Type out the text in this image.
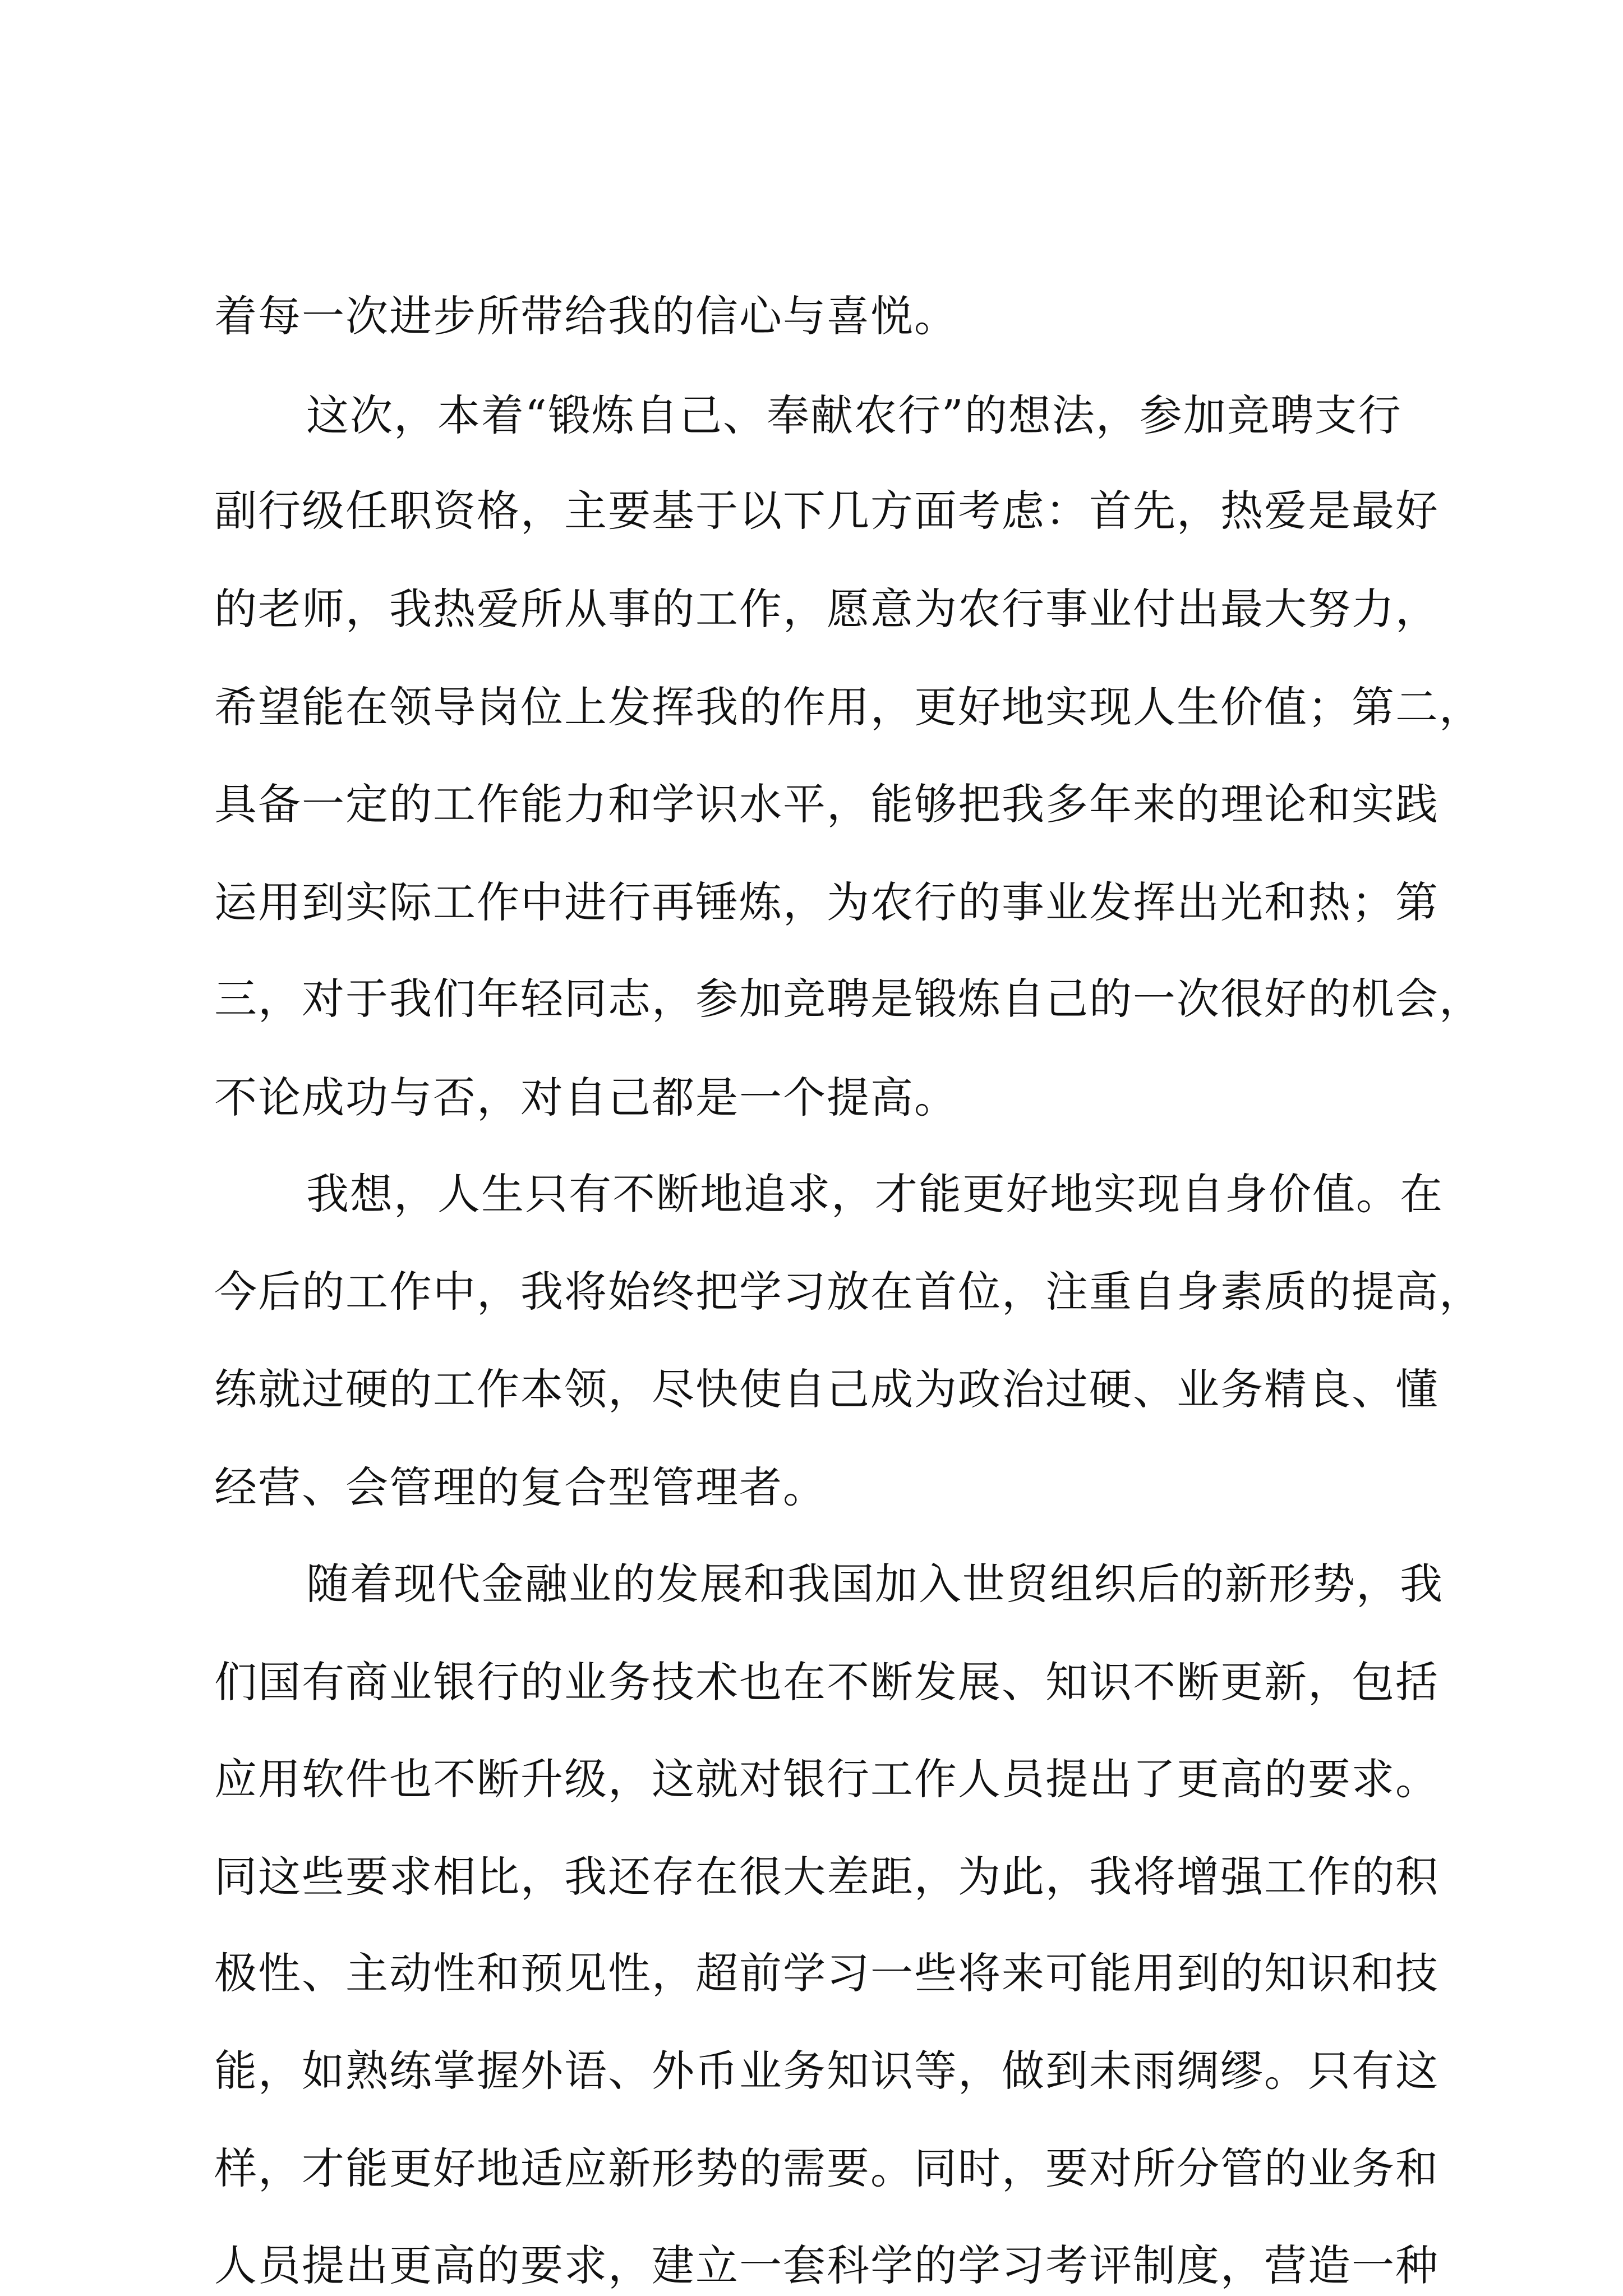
着每一次进步所带给我的信心与喜悦。
这次，本着“锻炼自己、奉献农行”的想法，参加竞聘支行
副行级任职资格，主要基于以下几方面考虑：首先，热爱是最好
的老师，我热爱所从事的工作，愿意为农行事业付出最大努力，
希望能在领导岗位上发挥我的作用，更好地实现人生价值；第二，
具备一定的工作能力和学识水平，能够把我多年来的理论和实践
运用到实际工作中进行再锤炼，为农行的事业发挥出光和热；第
三，对于我们年轻同志，参加竞聘是锻炼自己的一次很好的机会，
不论成功与否，对自己都是一个提高。
我想，人生只有不断地追求，才能更好地实现自身价值。在
今后的工作中，我将始终把学习放在首位，注重自身素质的提高，
练就过硬的工作本领，尽快使自己成为政治过硬、业务精良、懂
经营、会管理的复合型管理者。
随着现代金融业的发展和我国加入世贸组织后的新形势，我
们国有商业银行的业务技术也在不断发展、知识不断更新，包括
应用软件也不断升级，这就对银行工作人员提出了更高的要求。
同这些要求相比，我还存在很大差距，为此，我将增强工作的积
极性、主动性和预见性，超前学习一些将来可能用到的知识和技
能，如熟练掌握外语、外币业务知识等，做到未雨绸缪。只有这
样，才能更好地适应新形势的需要。同时，要对所分管的业务和
人员提出更高的要求，建立一套科学的学习考评制度，营造一种
